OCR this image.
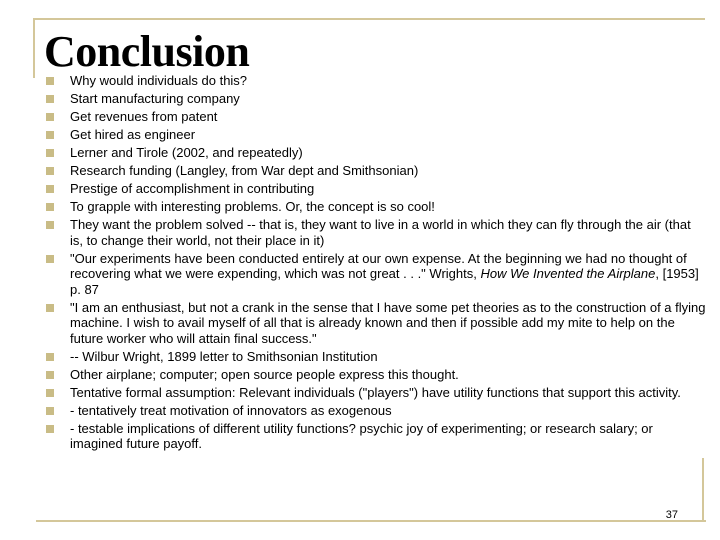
Conclusion
Why would individuals do this?
Start manufacturing company
Get revenues from patent
Get hired as engineer
Lerner and Tirole (2002, and repeatedly)
Research funding (Langley, from War dept and Smithsonian)
Prestige of accomplishment in contributing
To grapple with interesting problems. Or, the concept is so cool!
They want the problem solved -- that is, they want to live in a world in which they can fly through the air (that is, to change their world, not their place in it)
"Our experiments have been conducted entirely at our own expense. At the beginning we had no thought of recovering what we were expending, which was not great . . ." Wrights, How We Invented the Airplane, [1953] p. 87
"I am an enthusiast, but not a crank in the sense that I have some pet theories as to the construction of a flying machine. I wish to avail myself of all that is already known and then if possible add my mite to help on the future worker who will attain final success."
-- Wilbur Wright, 1899 letter to Smithsonian Institution
Other airplane; computer; open source people express this thought.
Tentative formal assumption: Relevant individuals ("players") have utility functions that support this activity.
- tentatively treat motivation of innovators as exogenous
- testable implications of different utility functions? psychic joy of experimenting; or research salary; or imagined future payoff.
37
